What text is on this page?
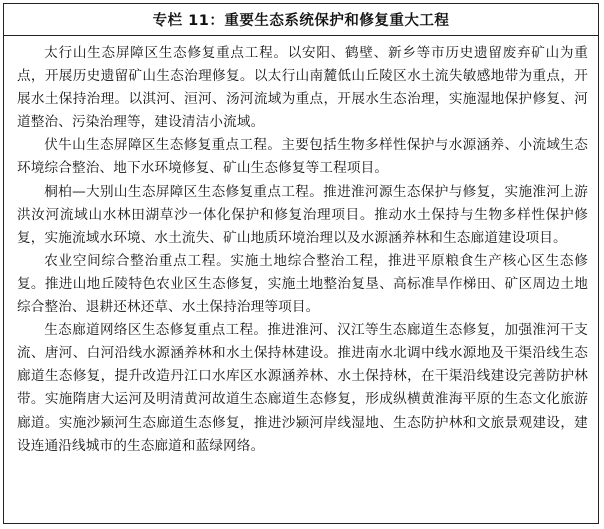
专栏 11：重要生态系统保护和修复重大工程

太行山生态屏障区生态修复重点工程。以安阳、鹤壁、新乡等市历史遗留废弃矿山为重点，开展历史遗留矿山生态治理修复。以太行山南麓低山丘陵区水土流失敏感地带为重点，开展水土保持治理。以淇河、洹河、汤河流域为重点，开展水生态治理，实施湿地保护修复、河道整治、污染治理等，建设清洁小流域。

伏牛山生态屏障区生态修复重点工程。主要包括生物多样性保护与水源涵养、小流域生态环境综合整治、地下水环境修复、矿山生态修复等工程项目。

桐柏—大别山生态屏障区生态修复重点工程。推进淮河源生态保护与修复，实施淮河上游洪汝河流域山水林田湖草沙一体化保护和修复治理项目。推动水土保持与生物多样性保护修复，实施流域水环境、水土流失、矿山地质环境治理以及水源涵养林和生态廊道建设项目。

农业空间综合整治重点工程。实施土地综合整治工程，推进平原粮食生产核心区生态修复。推进山地丘陵特色农业区生态修复，实施土地整治复垦、高标准旱作梯田、矿区周边土地综合整治、退耕还林还草、水土保持治理等项目。

生态廊道网络区生态修复重点工程。推进淮河、汉江等生态廊道生态修复，加强淮河干支流、唐河、白河沿线水源涵养林和水土保持林建设。推进南水北调中线水源地及干渠沿线生态廊道生态修复，提升改造丹江口水库区水源涵养林、水土保持林，在干渠沿线建设完善防护林带。实施隋唐大运河及明清黄河故道生态廊道生态修复，形成纵横黄淮海平原的生态文化旅游廊道。实施沙颍河生态廊道生态修复，推进沙颍河岸线湿地、生态防护林和文旅景观建设，建设连通沿线城市的生态廊道和蓝绿网络。
